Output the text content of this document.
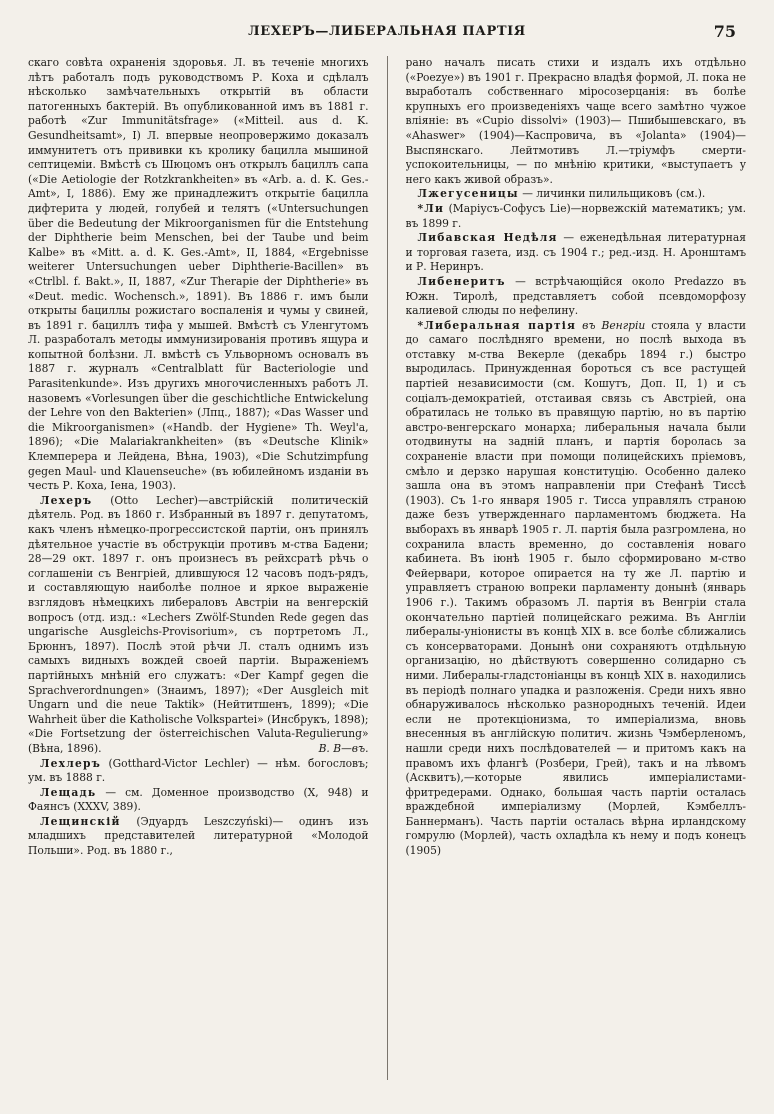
ЛЕХЕРЪ—ЛИБЕРАЛЬНАЯ ПАРТІЯ	75

скаго совѣта охраненія здоровья. Л. въ теченіе многихъ лѣтъ работалъ подъ руководствомъ Р. Коха и сдѣлалъ нѣсколько замѣчательныхъ открытій въ области патогенныхъ бактерій. Въ опубликованной имъ въ 1881 г. работѣ «Zur Immunitätsfrage» («Mitteil. aus d. K. Gesundheitsamt», I) Л. впервые неопровержимо доказалъ иммунитетъ отъ прививки къ кролику бацилла мышиной септицеміи. Вмѣстѣ съ Шюцомъ онъ открылъ бациллъ сапа («Die Aetiologie der Rotzkrankheiten» въ «Arb. a. d. K. Ges.-Amt», I, 1886). Ему же принадлежитъ открытіе бацилла дифтерита у людей, голубей и телятъ («Untersuchungen über die Bedeutung der Mikroorganismen für die Entstehung der Diphtherie beim Menschen, bei der Taube und beim Kalbe» въ «Mitt. a. d. K. Ges.-Amt», II, 1884, «Ergebnisse weiterer Untersuchungen ueber Diphtherie-Bacillen» въ «Ctrlbl. f. Bakt.», II, 1887, «Zur Therapie der Diphtherie» въ «Deut. medic. Wochensch.», 1891). Въ 1886 г. имъ были открыты бациллы рожистаго воспаленія и чумы у свиней, въ 1891 г. бациллъ тифа у мышей. Вмѣстѣ съ Уленгутомъ Л. разработалъ методы иммунизированія противъ ящура и копытной болѣзни. Л. вмѣстѣ съ Ульворномъ основалъ въ 1887 г. журналъ «Centralblatt für Bacteriologie und Parasitenkunde». Изъ другихъ многочисленныхъ работъ Л. назовемъ «Vorlesungen über die geschichtliche Entwickelung der Lehre von den Bakterien» (Лпц., 1887); «Das Wasser und die Mikroorganismen» («Handb. der Hygiene» Th. Weyl'а, 1896); «Die Malariakrankheiten» (въ «Deutsche Klinik» Клемперера и Лейдена, Вѣна, 1903), «Die Schutzimpfung gegen Maul- und Klauenseuche» (въ юбилейномъ изданіи въ честь Р. Коха, Іена, 1903).

Лехеръ (Otto Lecher)—австрійскій политическій дѣятель. Род. въ 1860 г. Избранный въ 1897 г. депутатомъ, какъ членъ нѣмецко-прогрессистской партіи, онъ принялъ дѣятельное участіе въ обструкціи противъ м-ства Бадени; 28—29 окт. 1897 г. онъ произнесъ въ рейхсратѣ рѣчь о соглашеніи съ Венгріей, длившуюся 12 часовъ подъ-рядъ, и составляющую наиболѣе полное и яркое выраженіе взглядовъ нѣмецкихъ либераловъ Австріи на венгерскій вопросъ (отд. изд.: «Lechers Zwölf-Stunden Rede gegen das ungarische Ausgleichs-Provisorium», съ портретомъ Л., Брюннъ, 1897). Послѣ этой рѣчи Л. сталъ однимъ изъ самыхъ видныхъ вождей своей партіи. Выраженіемъ партійныхъ мнѣній его служатъ: «Der Kampf gegen die Sprachverordnungen» (Знаимъ, 1897); «Der Ausgleich mit Ungarn und die neue Taktik» (Нейтитшенъ, 1899); «Die Wahrheit über die Katholische Volkspartei» (Инсбрукъ, 1898); «Die Fortsetzung der österreichischen Valuta-Regulierung» (Вѣна, 1896).	В. В—въ.

Лехлеръ (Gotthard-Victor Lechler) — нѣм. богословъ; ум. въ 1888 г.

Лещадь — см. Доменное производство (X, 948) и Фаянсъ (XXXV, 389).

Лещинскій (Эдуардъ Leszczyński)— одинъ изъ младшихъ представителей литературной «Молодой Польши». Род. въ 1880 г.,

рано началъ писать стихи и издалъ ихъ отдѣльно («Poezye») въ 1901 г. Прекрасно владѣя формой, Л. пока не выработалъ собственнаго міросозерцанія: въ болѣе крупныхъ его произведеніяхъ чаще всего замѣтно чужое вліяніе: въ «Cupio dissolvi» (1903)— Пшибышевскаго, въ «Ahaswer» (1904)—Каспровича, въ «Jolanta» (1904)—Выспянскаго. Лейтмотивъ Л.—тріумфъ смерти-успокоительницы, — по мнѣнію критики, «выступаетъ у него какъ живой образъ».

Лжегусеницы — личинки пилильщиковъ (см.).

*Ли (Маріусъ-Софусъ Lie)—норвежскій математикъ; ум. въ 1899 г.

Либавская Недѣля — еженедѣльная литературная и торговая газета, изд. съ 1904 г.; ред.-изд. Н. Аронштамъ и Р. Неринръ.

Либенеритъ — встрѣчающійся около Predazzo въ Южн. Тиролѣ, представляетъ собой псевдоморфозу калиевой слюды по нефелину.

*Либеральная партія въ Венгріи стояла у власти до самаго послѣдняго времени, но послѣ выхода въ отставку м-ства Векерле (декабрь 1894 г.) быстро выродилась. Принужденная бороться съ все растущей партіей независимости (см. Кошутъ, Доп. II, 1) и съ соціалъ-демократіей, отстаивая связь съ Австріей, она обратилась не только въ правящую партію, но въ партію австро-венгерскаго монарха; либеральныя начала были отодвинуты на задній планъ, и партія боролась за сохраненіе власти при помощи полицейскихъ пріемовъ, смѣло и дерзко нарушая конституцію. Особенно далеко зашла она въ этомъ направленіи при Стефанѣ Тиссѣ (1903). Съ 1-го января 1905 г. Тисса управлялъ страною даже безъ утвержденнаго парламентомъ бюджета. На выборахъ въ январѣ 1905 г. Л. партія была разгромлена, но сохранила власть временно, до составленія новаго кабинета. Въ іюнѣ 1905 г. было сформировано м-ство Фейервари, которое опирается на ту же Л. партію и управляетъ страною вопреки парламенту донынѣ (январь 1906 г.). Такимъ образомъ Л. партія въ Венгріи стала окончательно партіей полицейскаго режима. Въ Англіи либералы-уніонисты въ концѣ XIX в. все болѣе сближались съ консерваторами. Донынѣ они сохраняютъ отдѣльную организацію, но дѣйствуютъ совершенно солидарно съ ними. Либералы-гладстоніанцы въ концѣ XIX в. находились въ періодѣ полнаго упадка и разложенія. Среди нихъ явно обнаруживалось нѣсколько разнородныхъ теченій. Идеи если не протекціонизма, то имперіализма, вновь внесенныя въ англійскую политич. жизнь Чэмберленомъ, нашли среди нихъ послѣдователей — и притомъ какъ на правомъ ихъ флангѣ (Розбери, Грей), такъ и на лѣвомъ (Асквитъ),—которые явились имперіалистами-фритредерами. Однако, большая часть партіи осталась враждебной имперіализму (Морлей, Кэмбеллъ-Баннерманъ). Часть партіи осталась вѣрна ирландскому гомрулю (Морлей), часть охладѣла къ нему и подъ конецъ (1905)
